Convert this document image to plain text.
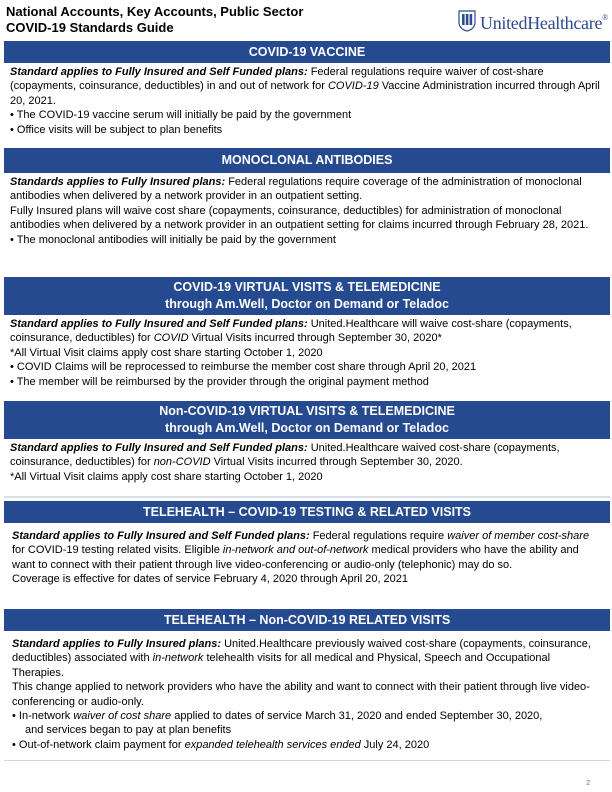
National Accounts, Key Accounts, Public Sector
COVID-19 Standards Guide	UnitedHealthcare®
COVID-19 VACCINE

Standard applies to Fully Insured and Self Funded plans: Federal regulations require waiver of cost-share (copayments, coinsurance, deductibles) in and out of network for COVID-19 Vaccine Administration incurred through April 20, 2021.

• The COVID-19 vaccine serum will initially be paid by the government

• Office visits will be subject to plan benefits

MONOCLONAL ANTIBODIES

Standards applies to Fully Insured plans: Federal regulations require coverage of the administration of monoclonal antibodies when delivered by a network provider in an outpatient setting.

Fully Insured plans will waive cost share (copayments, coinsurance, deductibles) for administration of monoclonal antibodies when delivered by a network provider in an outpatient setting for claims incurred through February 28, 2021.

• The monoclonal antibodies will initially be paid by the government

COVID-19 VIRTUAL VISITS & TELEMEDICINE
through Am.Well, Doctor on Demand or Teladoc

Standard applies to Fully Insured and Self Funded plans: United.Healthcare will waive cost-share (copayments, coinsurance, deductibles) for COVID Virtual Visits incurred through September 30, 2020*

*All Virtual Visit claims apply cost share starting October 1, 2020

• COVID Claims will be reprocessed to reimburse the member cost share through April 20, 2021

• The member will be reimbursed by the provider through the original payment method

Non-COVID-19 VIRTUAL VISITS & TELEMEDICINE
through Am.Well, Doctor on Demand or Teladoc

Standard applies to Fully Insured and Self Funded plans: United.Healthcare waived cost-share (copayments, coinsurance, deductibles) for non-COVID Virtual Visits incurred through September 30, 2020.

*All Virtual Visit claims apply cost share starting October 1, 2020

TELEHEALTH – COVID-19 TESTING & RELATED VISITS

Standard applies to Fully Insured and Self Funded plans: Federal regulations require waiver of member cost-share for COVID-19 testing related visits. Eligible in-network and out-of-network medical providers who have the ability and want to connect with their patient through live video-conferencing or audio-only (telephonic) may do so.

Coverage is effective for dates of service February 4, 2020 through April 20, 2021

TELEHEALTH – Non-COVID-19 RELATED VISITS

Standard applies to Fully Insured plans: United.Healthcare previously waived cost-share (copayments, coinsurance, deductibles) associated with in-network telehealth visits for all medical and Physical, Speech and Occupational Therapies.

This change applied to network providers who have the ability and want to connect with their patient through live video-conferencing or audio-only.

• In-network waiver of cost share applied to dates of service March 31, 2020 and ended September 30, 2020,

and services began to pay at plan benefits

• Out-of-network claim payment for expanded telehealth services ended July 24, 2020

2
